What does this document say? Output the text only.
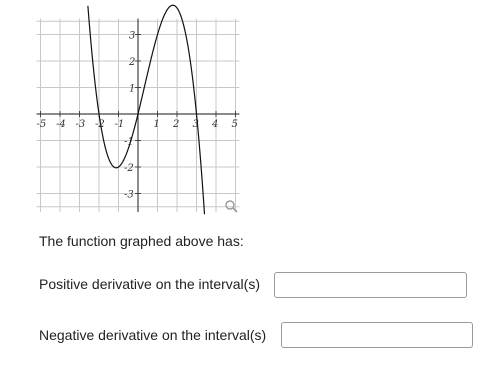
-5 -4 -3 -2 -1	1 2 3 4 5
3
2
1
-1
-2
-3
The function graphed above has:
Positive derivative on the interval(s)
Negative derivative on the interval(s)
